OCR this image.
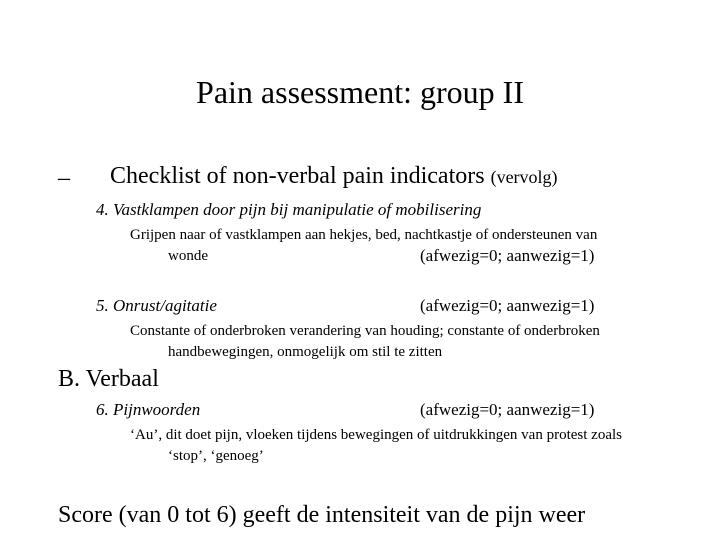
Pain assessment: group II
– Checklist of non-verbal pain indicators (vervolg)
4. Vastklampen door pijn bij manipulatie of mobilisering
Grijpen naar of vastklampen aan hekjes, bed, nachtkastje of ondersteunen van
wonde	(afwezig=0; aanwezig=1)
5. Onrust/agitatie	(afwezig=0; aanwezig=1)
Constante of onderbroken verandering van houding; constante of onderbroken
handbewegingen, onmogelijk om stil te zitten
B. Verbaal
6. Pijnwoorden	(afwezig=0; aanwezig=1)
‘Au’, dit doet pijn, vloeken tijdens bewegingen of uitdrukkingen van protest zoals
‘stop’, ‘genoeg’
Score (van 0 tot 6) geeft de intensiteit van de pijn weer
